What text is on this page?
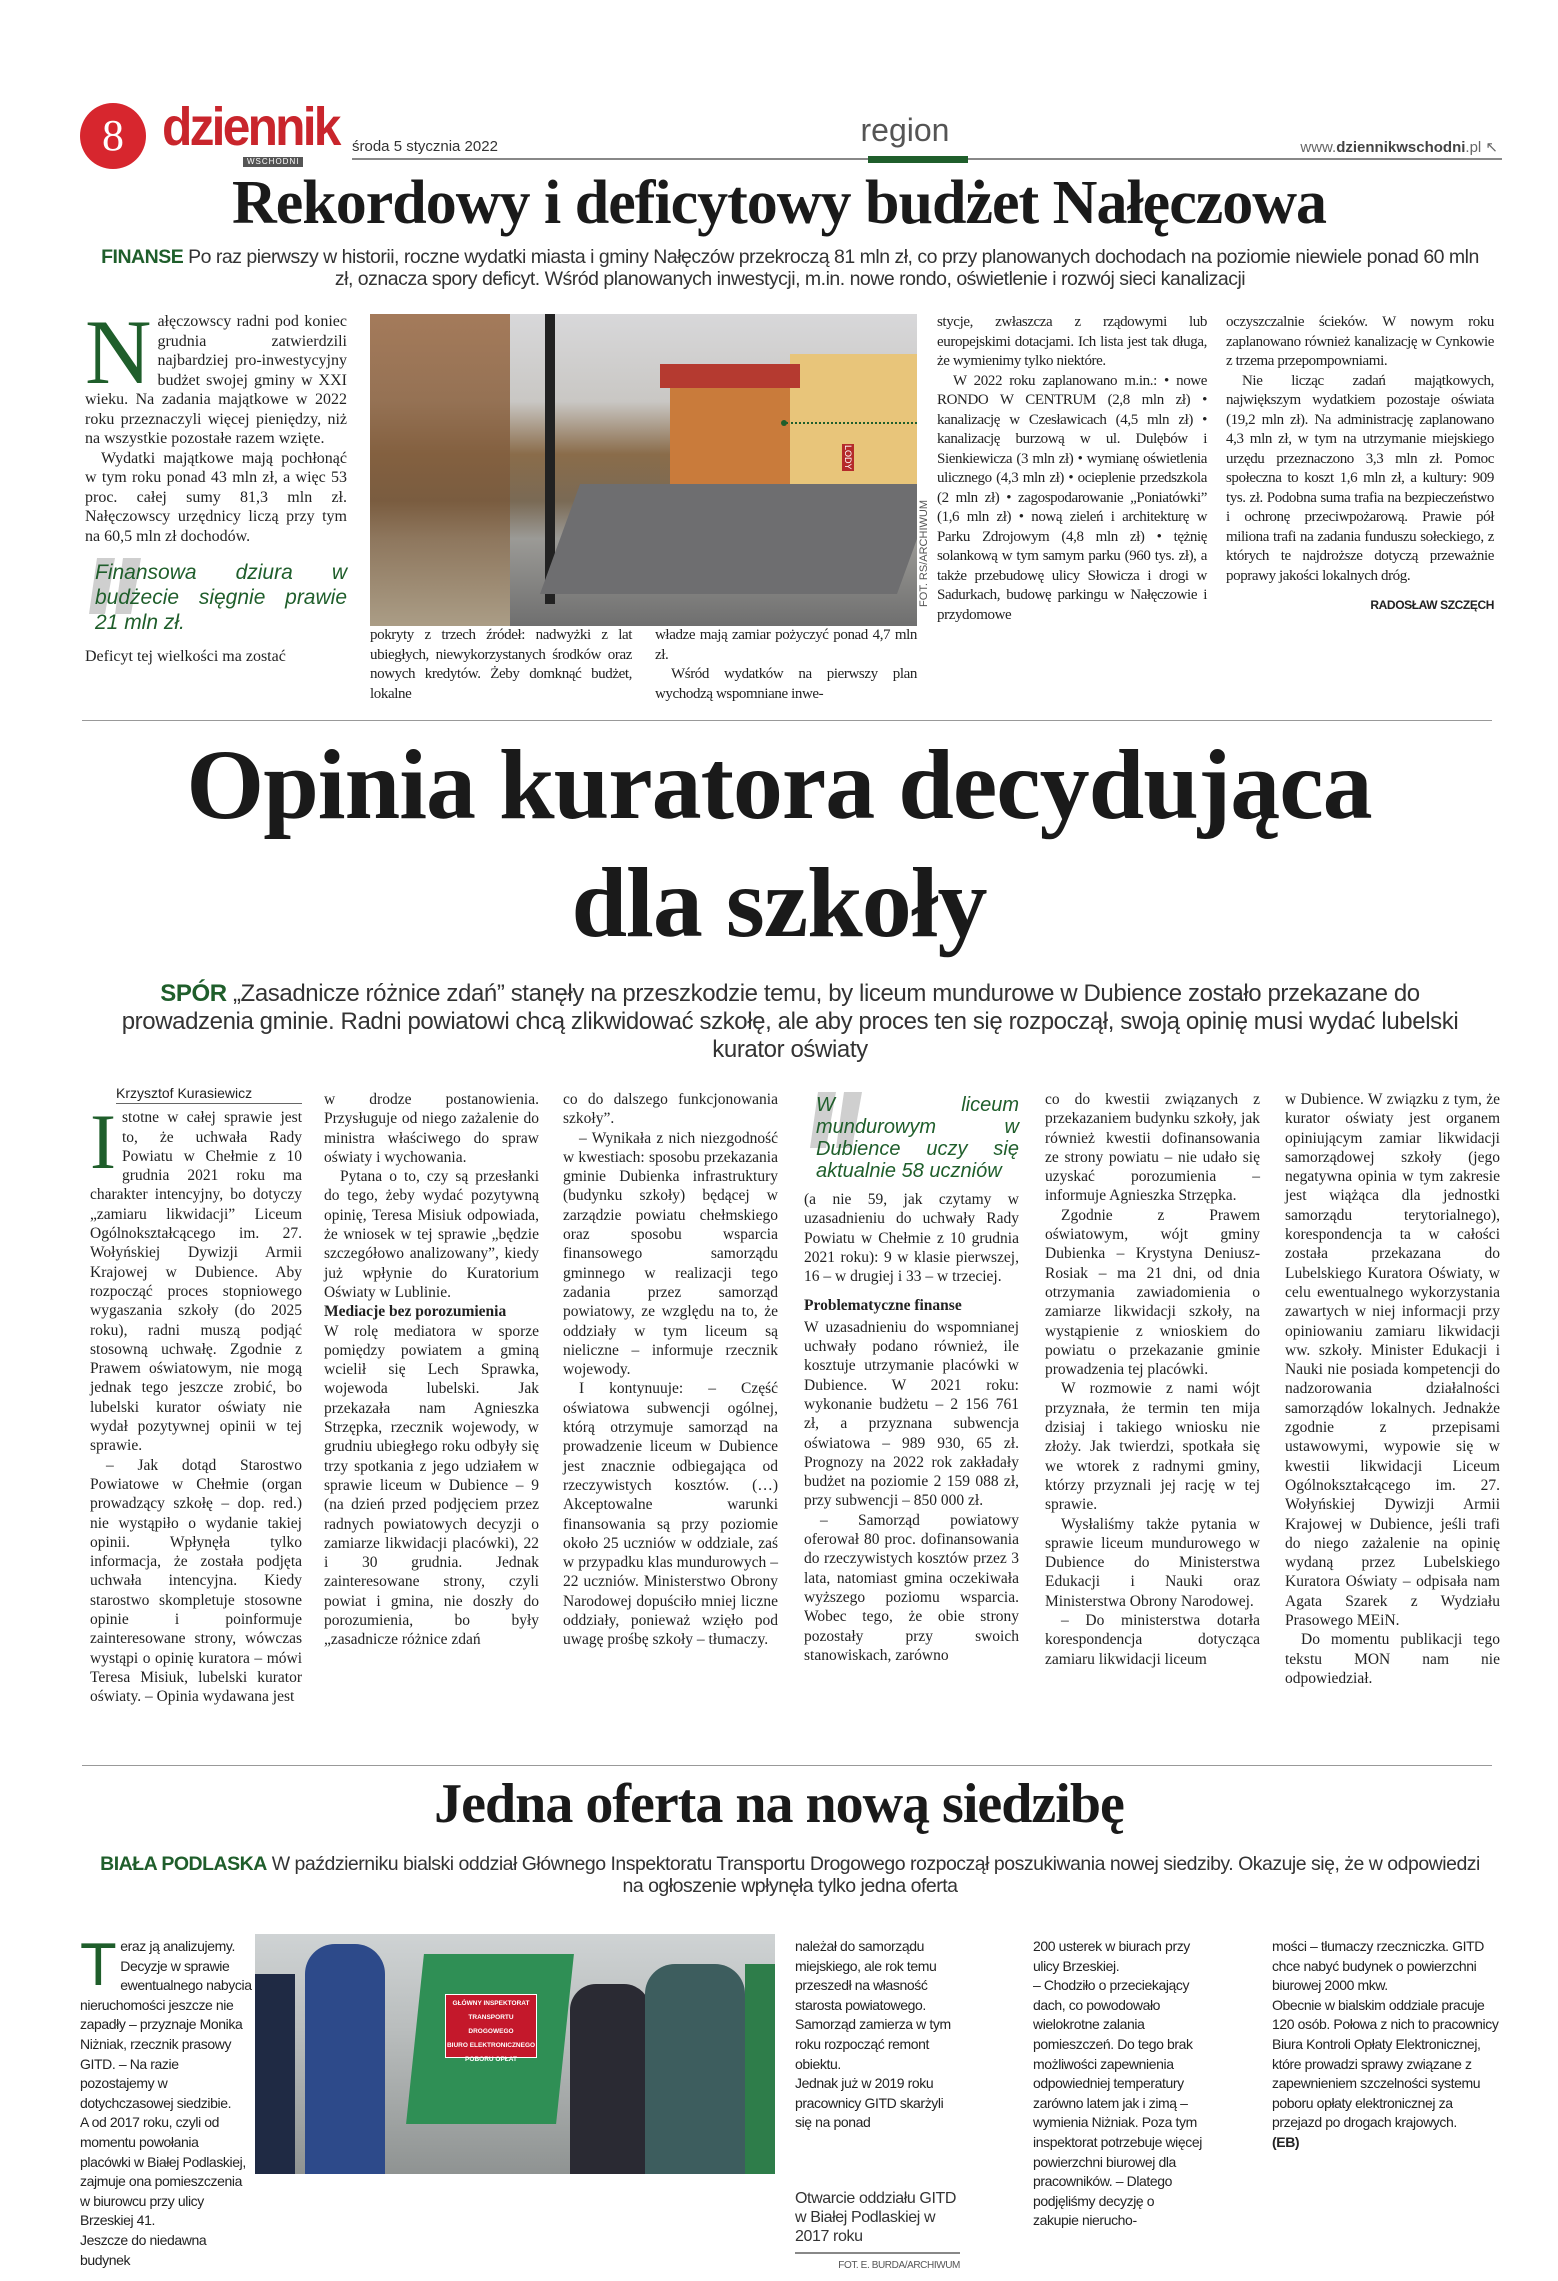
8 dziennik
WSCHODNI
środa 5 stycznia 2022	region	www.dziennikwschodni.pl ↖
Rekordowy i deficytowy budżet Nałęczowa
FINANSE Po raz pierwszy w historii, roczne wydatki miasta i gminy Nałęczów przekroczą 81 mln zł, co przy planowanych dochodach na poziomie niewiele ponad 60 mln zł, oznacza spory deficyt. Wśród planowanych inwestycji, m.in. nowe rondo, oświetlenie i rozwój sieci kanalizacji
N ałęczowscy radni pod koniec grudnia zatwierdzili najbardziej pro-inwestycyjny budżet swojej gminy w XXI wieku. Na zadania majątkowe w 2022 roku przeznaczyli więcej pieniędzy, niż na wszystkie pozostałe razem wzięte.

Wydatki majątkowe mają pochłonąć w tym roku ponad 43 mln zł, a więc 53 proc. całej sumy 81,3 mln zł. Nałęczowscy urzędnicy liczą przy tym na 60,5 mln zł dochodów.

Finansowa dziura w budżecie sięgnie prawie 21 mln zł.

Deficyt tej wielkości ma zostać

LODY
FOT. RS/ARCHIWUM

pokryty z trzech źródeł: nadwyżki z lat ubiegłych, niewykorzystanych środków oraz nowych kredytów. Żeby domknąć budżet, lokalne

władze mają zamiar pożyczyć ponad 4,7 mln zł.

Wśród wydatków na pierwszy plan wychodzą wspomniane inwe-

stycje, zwłaszcza z rządowymi lub europejskimi dotacjami. Ich lista jest tak długa, że wymienimy tylko niektóre.

W 2022 roku zaplanowano m.in.: • nowe RONDO W CENTRUM (2,8 mln zł) • kanalizację w Czesławicach (4,5 mln zł) • kanalizację burzową w ul. Dulębów i Sienkiewicza (3 mln zł) • wymianę oświetlenia ulicznego (4,3 mln zł) • ocieplenie przedszkola (2 mln zł) • zagospodarowanie „Poniatówki” (1,6 mln zł) • nową zieleń i architekturę w Parku Zdrojowym (4,8 mln zł) • tężnię solankową w tym samym parku (960 tys. zł), a także przebudowę ulicy Słowicza i drogi w Sadurkach, budowę parkingu w Nałęczowie i przydomowe

oczyszczalnie ścieków. W nowym roku zaplanowano również kanalizację w Cynkowie z trzema przepompowniami.

Nie licząc zadań majątkowych, największym wydatkiem pozostaje oświata (19,2 mln zł). Na administrację zaplanowano 4,3 mln zł, w tym na utrzymanie miejskiego urzędu przeznaczono 3,3 mln zł. Pomoc społeczna to koszt 1,6 mln zł, a kultury: 909 tys. zł. Podobna suma trafia na bezpieczeństwo i ochronę przeciwpożarową. Prawie pół miliona trafi na zadania funduszu sołeckiego, z których te najdroższe dotyczą przeważnie poprawy jakości lokalnych dróg.

RADOSŁAW SZCZĘCH
Opinia kuratora decydująca
dla szkoły
SPÓR „Zasadnicze różnice zdań” stanęły na przeszkodzie temu, by liceum mundurowe w Dubience zostało przekazane do prowadzenia gminie. Radni powiatowi chcą zlikwidować szkołę, ale aby proces ten się rozpoczął, swoją opinię musi wydać lubelski kurator oświaty
Krzysztof Kurasiewicz
I stotne w całej sprawie jest to, że uchwała Rady Powiatu w Chełmie z 10 grudnia 2021 roku ma charakter intencyjny, bo dotyczy „zamiaru likwidacji” Liceum Ogólnokształcącego im. 27. Wołyńskiej Dywizji Armii Krajowej w Dubience. Aby rozpocząć proces stopniowego wygaszania szkoły (do 2025 roku), radni muszą podjąć stosowną uchwałę. Zgodnie z Prawem oświatowym, nie mogą jednak tego jeszcze zrobić, bo lubelski kurator oświaty nie wydał pozytywnej opinii w tej sprawie.

– Jak dotąd Starostwo Powiatowe w Chełmie (organ prowadzący szkołę – dop. red.) nie wystąpiło o wydanie takiej opinii. Wpłynęła tylko informacja, że została podjęta uchwała intencyjna. Kiedy starostwo skompletuje stosowne opinie i poinformuje zainteresowane strony, wówczas wystąpi o opinię kuratora – mówi Teresa Misiuk, lubelski kurator oświaty. – Opinia wydawana jest

w drodze postanowienia. Przysługuje od niego zażalenie do ministra właściwego do spraw oświaty i wychowania.

Pytana o to, czy są przesłanki do tego, żeby wydać pozytywną opinię, Teresa Misiuk odpowiada, że wniosek w tej sprawie „będzie szczegółowo analizowany”, kiedy już wpłynie do Kuratorium Oświaty w Lublinie.

Mediacje bez porozumienia

W rolę mediatora w sporze pomiędzy powiatem a gminą wcielił się Lech Sprawka, wojewoda lubelski. Jak przekazała nam Agnieszka Strzępka, rzecznik wojewody, w grudniu ubiegłego roku odbyły się trzy spotkania z jego udziałem w sprawie liceum w Dubience – 9 (na dzień przed podjęciem przez radnych powiatowych decyzji o zamiarze likwidacji placówki), 22 i 30 grudnia. Jednak zainteresowane strony, czyli powiat i gmina, nie doszły do porozumienia, bo były „zasadnicze różnice zdań

co do dalszego funkcjonowania szkoły”.

– Wynikała z nich niezgodność w kwestiach: sposobu przekazania gminie Dubienka infrastruktury (budynku szkoły) będącej w zarządzie powiatu chełmskiego oraz sposobu wsparcia finansowego samorządu gminnego w realizacji tego zadania przez samorząd powiatowy, ze względu na to, że oddziały w tym liceum są nieliczne – informuje rzecznik wojewody.

I kontynuuje: – Część oświatowa subwencji ogólnej, którą otrzymuje samorząd na prowadzenie liceum w Dubience jest znacznie odbiegająca od rzeczywistych kosztów. (…) Akceptowalne warunki finansowania są przy poziomie około 25 uczniów w oddziale, zaś w przypadku klas mundurowych – 22 uczniów. Ministerstwo Obrony Narodowej dopuściło mniej liczne oddziały, ponieważ wzięło pod uwagę prośbę szkoły – tłumaczy.

W liceum mundurowym w Dubience uczy się aktualnie 58 uczniów

(a nie 59, jak czytamy w uzasadnieniu do uchwały Rady Powiatu w Chełmie z 10 grudnia 2021 roku): 9 w klasie pierwszej, 16 – w drugiej i 33 – w trzeciej.

Problematyczne finanse

W uzasadnieniu do wspomnianej uchwały podano również, ile kosztuje utrzymanie placówki w Dubience. W 2021 roku: wykonanie budżetu – 2 156 761 zł, a przyznana subwencja oświatowa – 989 930, 65 zł. Prognozy na 2022 rok zakładały budżet na poziomie 2 159 088 zł, przy subwencji – 850 000 zł.

– Samorząd powiatowy oferował 80 proc. dofinansowania do rzeczywistych kosztów przez 3 lata, natomiast gmina oczekiwała wyższego poziomu wsparcia. Wobec tego, że obie strony pozostały przy swoich stanowiskach, zarówno

co do kwestii związanych z przekazaniem budynku szkoły, jak również kwestii dofinansowania ze strony powiatu – nie udało się uzyskać porozumienia – informuje Agnieszka Strzępka.

Zgodnie z Prawem oświatowym, wójt gminy Dubienka – Krystyna Deniusz-Rosiak – ma 21 dni, od dnia otrzymania zawiadomienia o zamiarze likwidacji szkoły, na wystąpienie z wnioskiem do powiatu o przekazanie gminie prowadzenia tej placówki.

W rozmowie z nami wójt przyznała, że termin ten mija dzisiaj i takiego wniosku nie złoży. Jak twierdzi, spotkała się we wtorek z radnymi gminy, którzy przyznali jej rację w tej sprawie.

Wysłaliśmy także pytania w sprawie liceum mundurowego w Dubience do Ministerstwa Edukacji i Nauki oraz Ministerstwa Obrony Narodowej.

– Do ministerstwa dotarła korespondencja dotycząca zamiaru likwidacji liceum

w Dubience. W związku z tym, że kurator oświaty jest organem opiniującym zamiar likwidacji samorządowej szkoły (jego negatywna opinia w tym zakresie jest wiążąca dla jednostki samorządu terytorialnego), korespondencja ta w całości została przekazana do Lubelskiego Kuratora Oświaty, w celu ewentualnego wykorzystania zawartych w niej informacji przy opiniowaniu zamiaru likwidacji ww. szkoły. Minister Edukacji i Nauki nie posiada kompetencji do nadzorowania działalności samorządów lokalnych. Jednakże zgodnie z przepisami ustawowymi, wypowie się w kwestii likwidacji Liceum Ogólnokształcącego im. 27. Wołyńskiej Dywizji Armii Krajowej w Dubience, jeśli trafi do niego zażalenie na opinię wydaną przez Lubelskiego Kuratora Oświaty – odpisała nam Agata Szarek z Wydziału Prasowego MEiN.

Do momentu publikacji tego tekstu MON nam nie odpowiedział.

Jedna oferta na nową siedzibę
BIAŁA PODLASKA W październiku bialski oddział Głównego Inspektoratu Transportu Drogowego rozpoczął poszukiwania nowej siedziby. Okazuje się, że w odpowiedzi na ogłoszenie wpłynęła tylko jedna oferta
T eraz ją analizujemy. Decyzje w sprawie ewentualnego nabycia nieruchomości jeszcze nie zapadły – przyznaje Monika Niżniak, rzecznik prasowy GITD. – Na razie pozostajemy w dotychczasowej siedzibie.

A od 2017 roku, czyli od momentu powołania placówki w Białej Podlaskiej, zajmuje ona pomieszczenia w biurowcu przy ulicy Brzeskiej 41.

Jeszcze do niedawna budynek

GŁÓWNY INSPEKTORAT
TRANSPORTU DROGOWEGO
BIURO ELEKTRONICZNEGO
POBORU OPŁAT

należał do samorządu miejskiego, ale rok temu przeszedł na własność starosta powiatowego. Samorząd zamierza w tym roku rozpocząć remont obiektu.

Jednak już w 2019 roku pracownicy GITD skarżyli się na ponad

Otwarcie oddziału GITD w Białej Podlaskiej w 2017 roku
FOT. E. BURDA/ARCHIWUM

200 usterek w biurach przy ulicy Brzeskiej.

– Chodziło o przeciekający dach, co powodowało wielokrotne zalania pomieszczeń. Do tego brak możliwości zapewnienia odpowiedniej temperatury zarówno latem jak i zimą – wymienia Niżniak. Poza tym inspektorat potrzebuje więcej powierzchni biurowej dla pracowników. – Dlatego podjęliśmy decyzję o zakupie nierucho-

mości – tłumaczy rzeczniczka. GITD chce nabyć budynek o powierzchni biurowej 2000 mkw.

Obecnie w bialskim oddziale pracuje 120 osób. Połowa z nich to pracownicy Biura Kontroli Opłaty Elektronicznej, które prowadzi sprawy związane z zapewnieniem szczelności systemu poboru opłaty elektronicznej za przejazd po drogach krajowych.

(EB)
